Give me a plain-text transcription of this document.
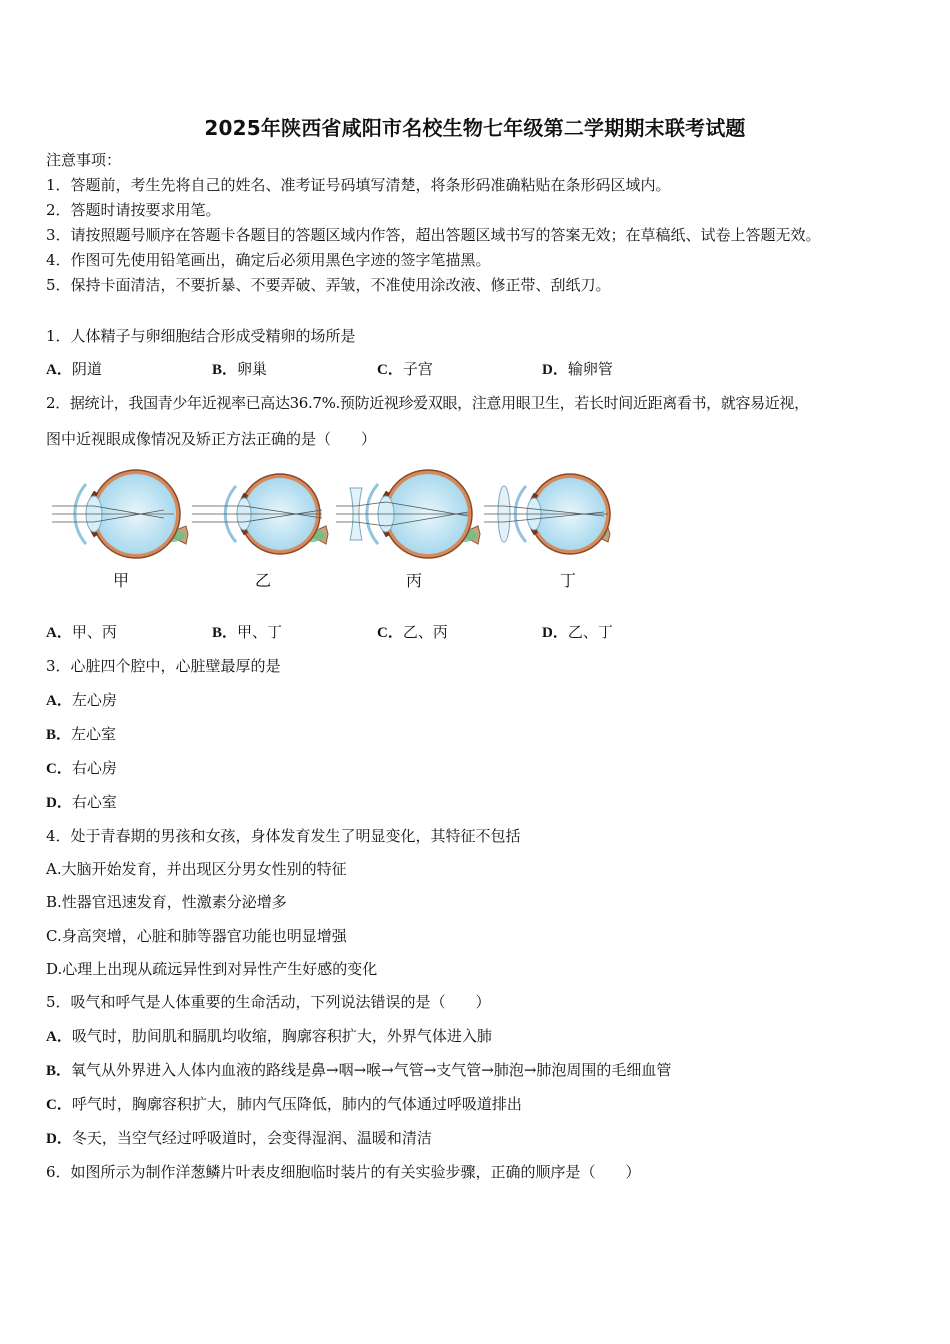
2025年陕西省咸阳市名校生物七年级第二学期期末联考试题
注意事项：
1．答题前，考生先将自己的姓名、准考证号码填写清楚，将条形码准确粘贴在条形码区域内。
2．答题时请按要求用笔。
3．请按照题号顺序在答题卡各题目的答题区域内作答，超出答题区域书写的答案无效；在草稿纸、试卷上答题无效。
4．作图可先使用铅笔画出，确定后必须用黑色字迹的签字笔描黑。
5．保持卡面清洁，不要折暴、不要弄破、弄皱，不准使用涂改液、修正带、刮纸刀。
1．人体精子与卵细胞结合形成受精卵的场所是
A．阴道	B．卵巢	C．子宫	D．输卵管
2．据统计，我国青少年近视率已高达36.7%.预防近视珍爱双眼，注意用眼卫生，若长时间近距离看书，就容易近视，
图中近视眼成像情况及矫正方法正确的是（　　）
甲	乙	丙	丁
A．甲、丙	B．甲、丁	C．乙、丙	D．乙、丁
3．心脏四个腔中，心脏壁最厚的是
A．左心房
B．左心室
C．右心房
D．右心室
4．处于青春期的男孩和女孩，身体发育发生了明显变化，其特征不包括
A.大脑开始发育，并出现区分男女性别的特征
B.性器官迅速发育，性激素分泌增多
C.身高突增，心脏和肺等器官功能也明显增强
D.心理上出现从疏远异性到对异性产生好感的变化
5．吸气和呼气是人体重要的生命活动，下列说法错误的是（　　）
A．吸气时，肋间肌和膈肌均收缩，胸廓容积扩大，外界气体进入肺
B．氧气从外界进入人体内血液的路线是鼻→咽→喉→气管→支气管→肺泡→肺泡周围的毛细血管
C．呼气时，胸廓容积扩大，肺内气压降低，肺内的气体通过呼吸道排出
D．冬天，当空气经过呼吸道时，会变得湿润、温暖和清洁
6．如图所示为制作洋葱鳞片叶表皮细胞临时装片的有关实验步骤，正确的顺序是（　　）
